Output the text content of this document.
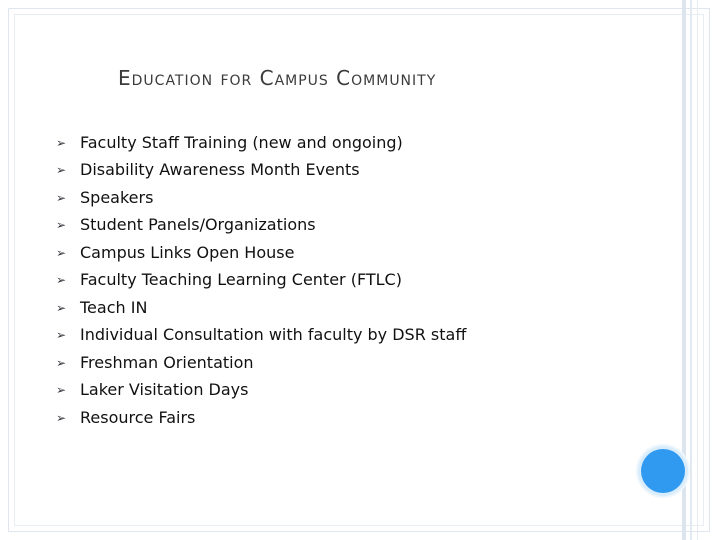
Education for Campus Community
➢ Faculty Staff Training (new and ongoing)
➢ Disability Awareness Month Events
➢ Speakers
➢ Student Panels/Organizations
➢ Campus Links Open House
➢ Faculty Teaching Learning Center (FTLC)
➢ Teach IN
➢ Individual Consultation with faculty by DSR staff
➢ Freshman Orientation
➢ Laker Visitation Days
➢ Resource Fairs
